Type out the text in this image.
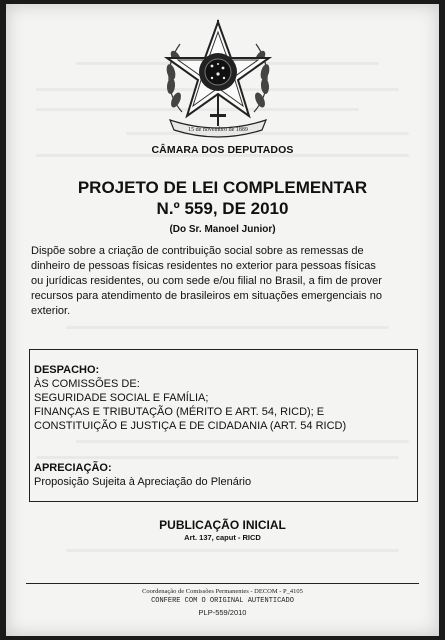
15 de novembro de 1889
CÂMARA DOS DEPUTADOS
PROJETO DE LEI COMPLEMENTAR
N.º 559, DE 2010
(Do Sr. Manoel Junior)
Dispõe sobre a criação de contribuição social sobre as remessas de
dinheiro de pessoas físicas residentes no exterior para pessoas físicas
ou jurídicas residentes, ou com sede e/ou filial no Brasil, a fim de prover
recursos para atendimento de brasileiros em situações emergenciais no
exterior.
DESPACHO:
ÀS COMISSÕES DE:
SEGURIDADE SOCIAL E FAMÍLIA;
FINANÇAS E TRIBUTAÇÃO (MÉRITO E ART. 54, RICD); E
CONSTITUIÇÃO E JUSTIÇA E DE CIDADANIA (ART. 54 RICD)
APRECIAÇÃO:
Proposição Sujeita à Apreciação do Plenário
PUBLICAÇÃO INICIAL
Art. 137, caput - RICD
Coordenação de Comissões Permanentes - DECOM - P_4105
CONFERE COM O ORIGINAL AUTENTICADO
PLP-559/2010
